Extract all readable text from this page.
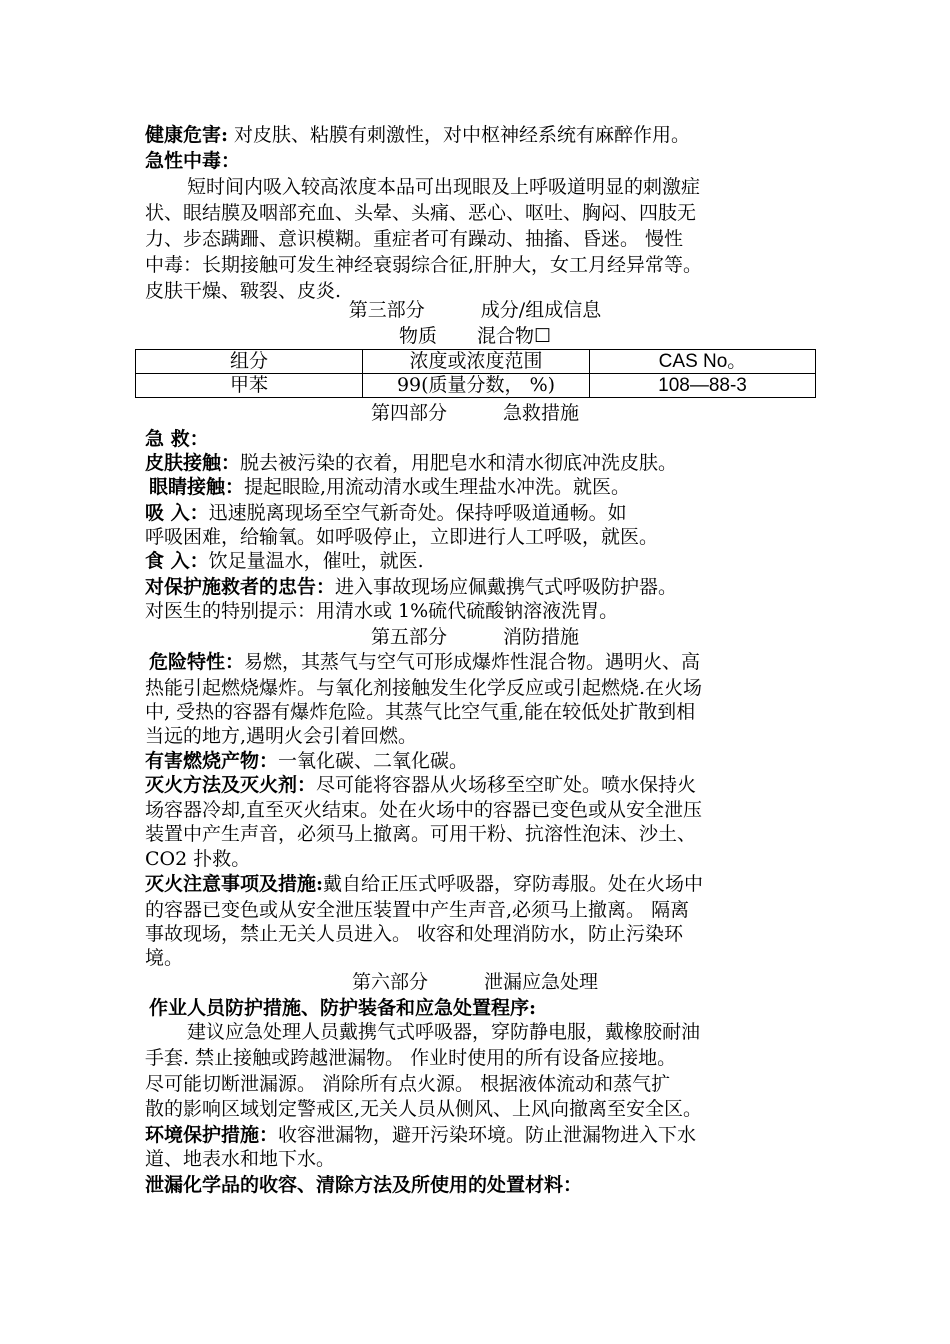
健康危害: 对皮肤、粘膜有刺激性，对中枢神经系统有麻醉作用。
急性中毒：
短时间内吸入较高浓度本品可出现眼及上呼吸道明显的刺激症
状、眼结膜及咽部充血、头晕、头痛、恶心、呕吐、胸闷、四肢无
力、步态蹒跚、意识模糊。重症者可有躁动、抽搐、昏迷。 慢性
中毒：长期接触可发生神经衰弱综合征,肝肿大，女工月经异常等。
皮肤干燥、皲裂、皮炎.
第三部分	成分/组成信息
物质 混合物☐
组分	浓度或浓度范围	CAS No。
甲苯	99(质量分数， %)	108—88-3
第四部分	急救措施
急 救：
皮肤接触：脱去被污染的衣着，用肥皂水和清水彻底冲洗皮肤。
眼睛接触：提起眼睑,用流动清水或生理盐水冲洗。就医。
吸 入：迅速脱离现场至空气新奇处。保持呼吸道通畅。如
呼吸困难，给输氧。如呼吸停止，立即进行人工呼吸，就医。
食 入：饮足量温水，催吐，就医.
对保护施救者的忠告：进入事故现场应佩戴携气式呼吸防护器。
对医生的特别提示：用清水或 1%硫代硫酸钠溶液洗胃。
第五部分	消防措施
危险特性：易燃，其蒸气与空气可形成爆炸性混合物。遇明火、高
热能引起燃烧爆炸。与氧化剂接触发生化学反应或引起燃烧.在火场
中, 受热的容器有爆炸危险。其蒸气比空气重,能在较低处扩散到相
当远的地方,遇明火会引着回燃。
有害燃烧产物：一氧化碳、二氧化碳。
灭火方法及灭火剂：尽可能将容器从火场移至空旷处。喷水保持火
场容器冷却,直至灭火结束。处在火场中的容器已变色或从安全泄压
装置中产生声音，必须马上撤离。可用干粉、抗溶性泡沫、沙土、
CO2 扑救。
灭火注意事项及措施:戴自给正压式呼吸器，穿防毒服。处在火场中
的容器已变色或从安全泄压装置中产生声音,必须马上撤离。 隔离
事故现场，禁止无关人员进入。 收容和处理消防水，防止污染环
境。
第六部分	泄漏应急处理
作业人员防护措施、防护装备和应急处置程序:
建议应急处理人员戴携气式呼吸器，穿防静电服，戴橡胶耐油
手套. 禁止接触或跨越泄漏物。 作业时使用的所有设备应接地。
尽可能切断泄漏源。 消除所有点火源。 根据液体流动和蒸气扩
散的影响区域划定警戒区,无关人员从侧风、上风向撤离至安全区。
环境保护措施：收容泄漏物，避开污染环境。防止泄漏物进入下水
道、地表水和地下水。
泄漏化学品的收容、清除方法及所使用的处置材料：
